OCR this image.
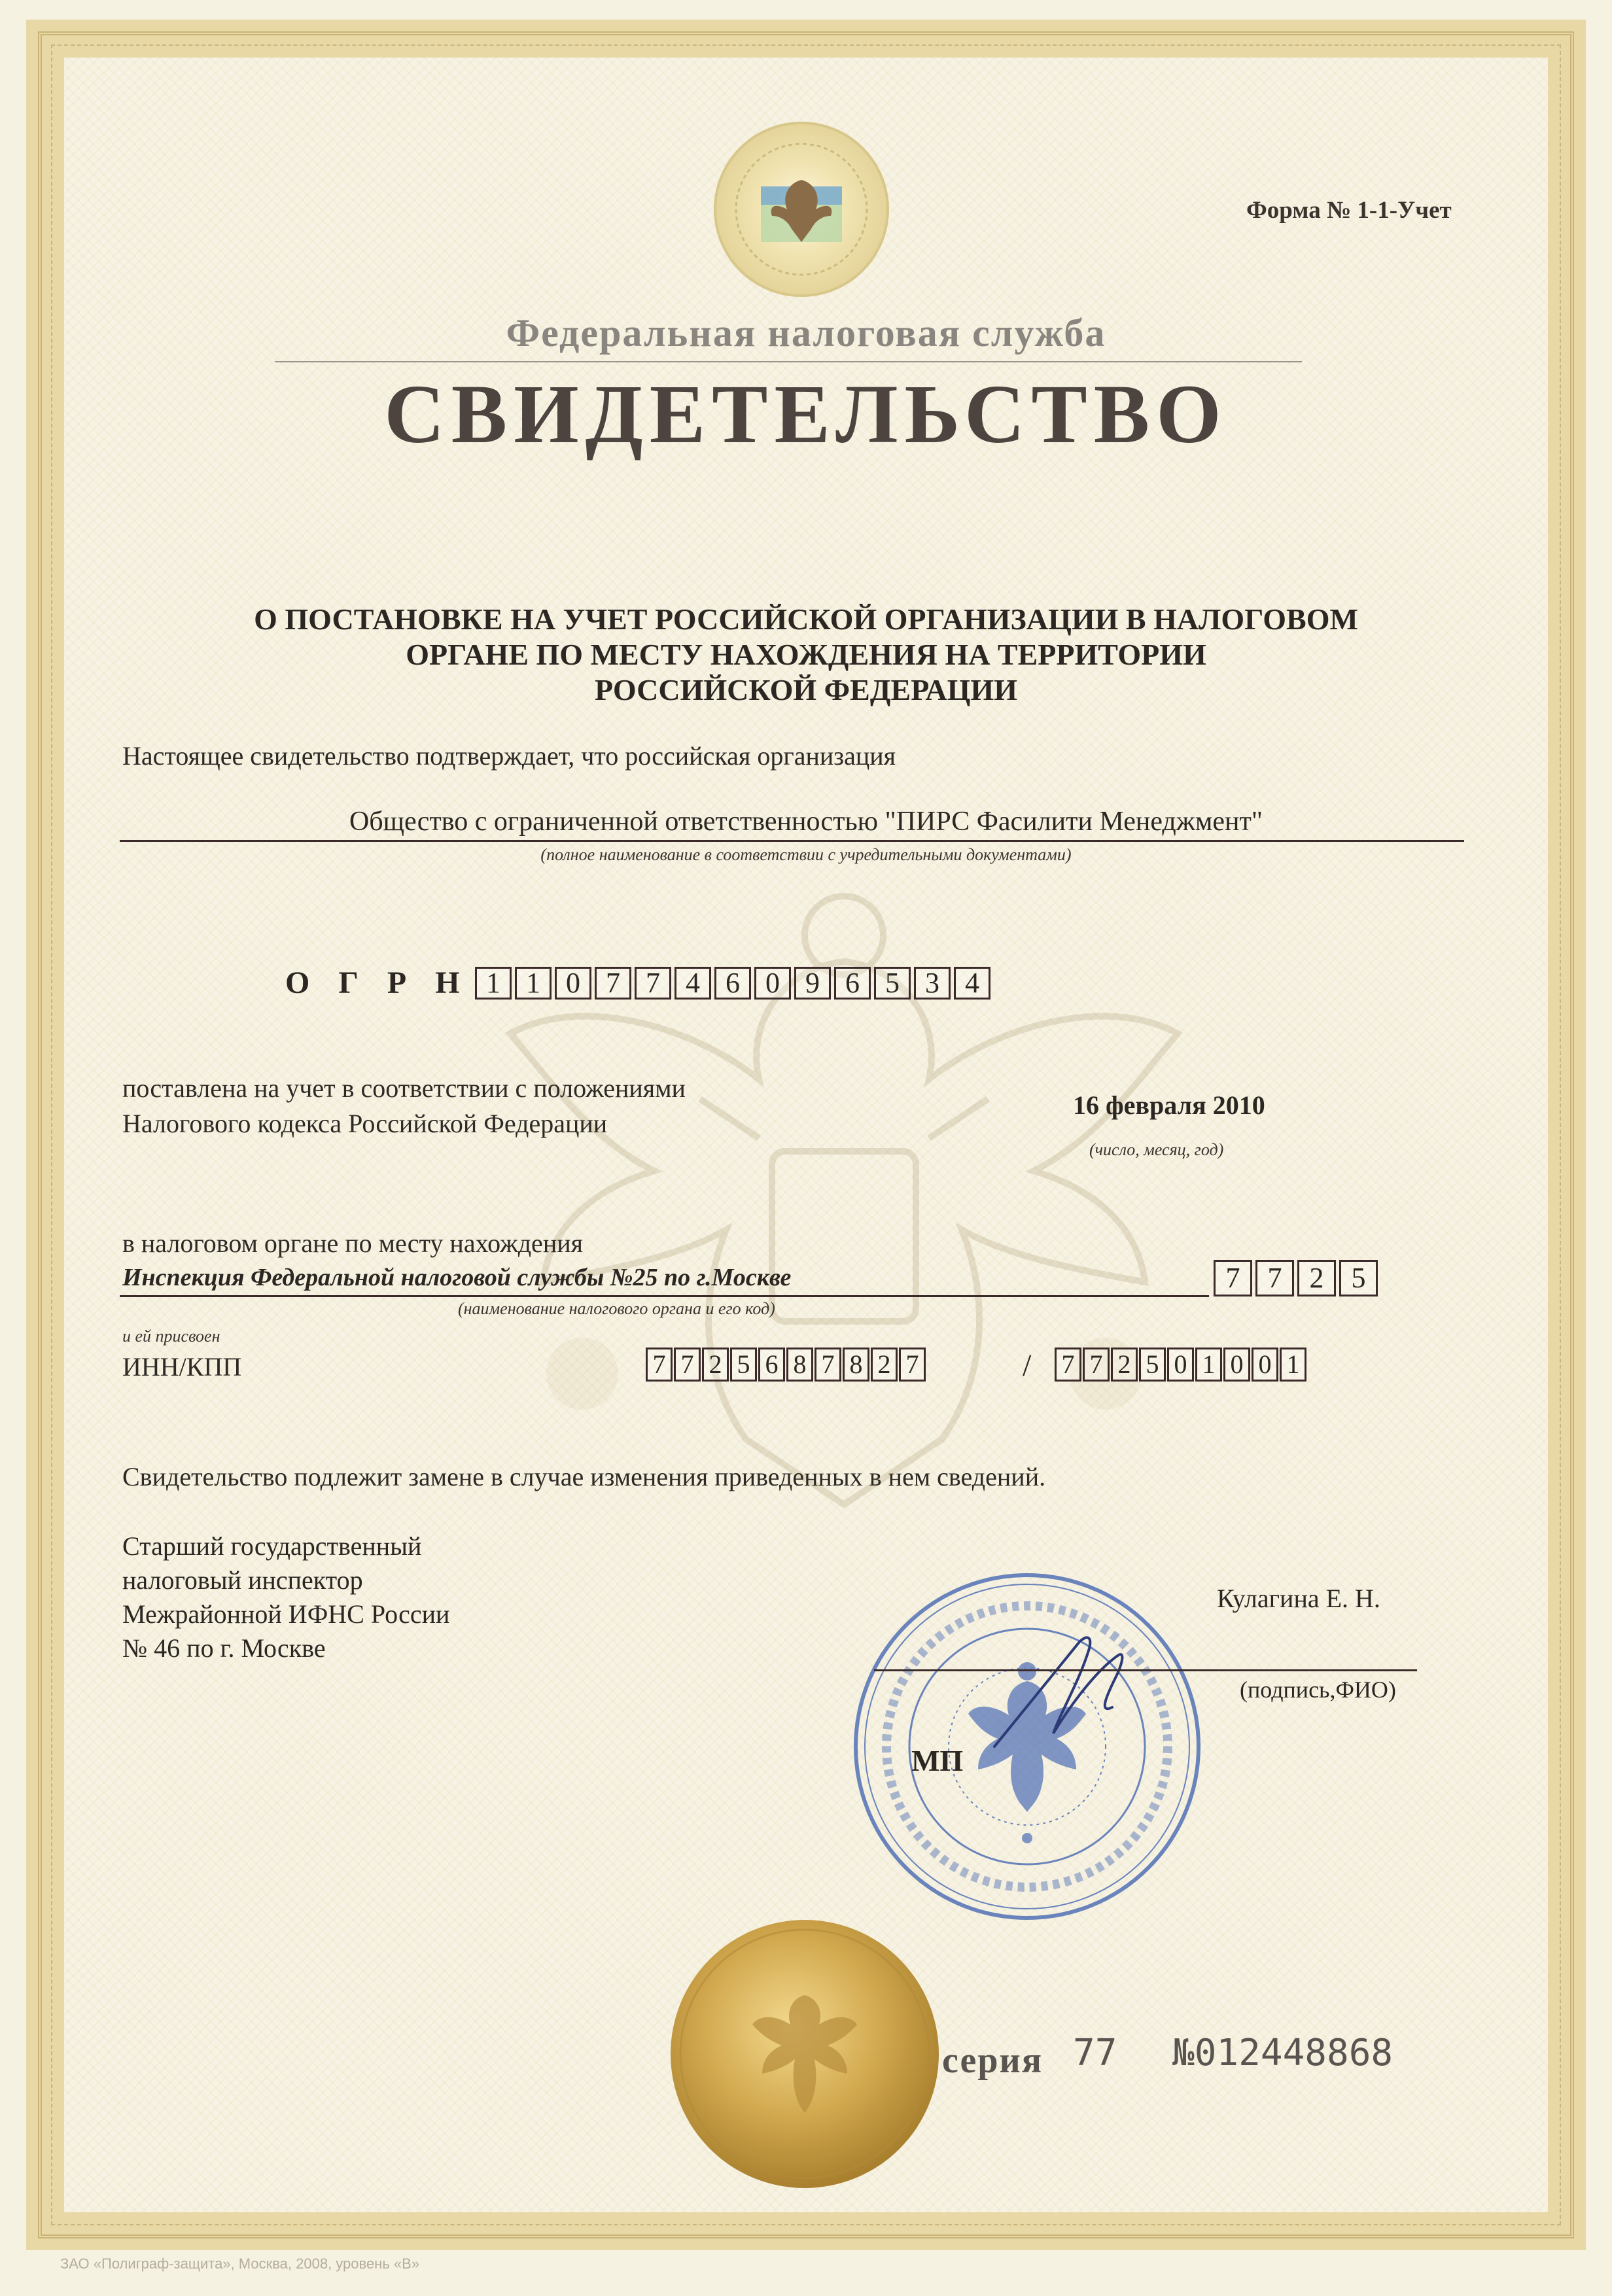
Форма № 1-1-Учет
Федеральная налоговая служба
СВИДЕТЕЛЬСТВО
О ПОСТАНОВКЕ НА УЧЕТ РОССИЙСКОЙ ОРГАНИЗАЦИИ В НАЛОГОВОМ
ОРГАНЕ ПО МЕСТУ НАХОЖДЕНИЯ НА ТЕРРИТОРИИ
РОССИЙСКОЙ ФЕДЕРАЦИИ
Настоящее свидетельство подтверждает, что российская организация
Общество с ограниченной ответственностью "ПИРС Фасилити Менеджмент"
(полное наименование в соответствии с учредительными документами)
ОГРН
1 1 0 7 7 4 6 0 9 6 5 3 4
поставлена на учет в соответствии с положениями
Налогового кодекса Российской Федерации
16 февраля 2010
(число, месяц, год)
в налоговом органе по месту нахождения
Инспекция Федеральной налоговой службы №25 по г.Москве
(наименование налогового органа и его код)
7 7 2 5
и ей присвоен
ИНН/КПП	7 7 2 5 6 8 7 8 2 7	/ 7 7 2 5 0 1 0 0 1
Свидетельство подлежит замене в случае изменения приведенных в нем сведений.
Старший государственный
налоговый инспектор
Межрайонной ИФНС России
№ 46 по г. Москве
Кулагина Е. Н.
(подпись,ФИО)
МП
серия 77 №012448868
ЗАО «Полиграф-защита», Москва, 2008, уровень «В»
